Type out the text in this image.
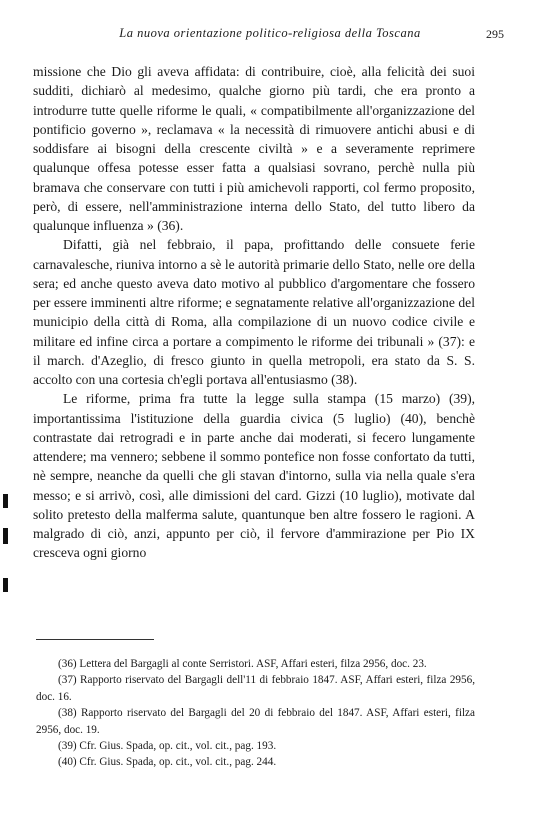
La nuova orientazione politico-religiosa della Toscana	295

missione che Dio gli aveva affidata: di contribuire, cioè, alla felicità dei suoi sudditi, dichiarò al medesimo, qualche giorno più tardi, che era pronto a introdurre tutte quelle riforme le quali, « compatibilmente all'organizzazione del pontificio governo », reclamava « la necessità di rimuovere antichi abusi e di soddisfare ai bisogni della crescente civiltà » e a severamente reprimere qualunque offesa potesse esser fatta a qualsiasi sovrano, perchè nulla più bramava che conservare con tutti i più amichevoli rapporti, col fermo proposito, però, di essere, nell'amministrazione interna dello Stato, del tutto libero da qualunque influenza » (36).

Difatti, già nel febbraio, il papa, profittando delle consuete ferie carnavalesche, riuniva intorno a sè le autorità primarie dello Stato, nelle ore della sera; ed anche questo aveva dato motivo al pubblico d'argomentare che fossero per essere imminenti altre riforme; e segnatamente relative all'organizzazione del municipio della città di Roma, alla compilazione di un nuovo codice civile e militare ed infine circa a portare a compimento le riforme dei tribunali » (37): e il march. d'Azeglio, di fresco giunto in quella metropoli, era stato da S. S. accolto con una cortesia ch'egli portava all'entusiasmo (38).

Le riforme, prima fra tutte la legge sulla stampa (15 marzo) (39), importantissima l'istituzione della guardia civica (5 luglio) (40), benchè contrastate dai retrogradi e in parte anche dai moderati, si fecero lungamente attendere; ma vennero; sebbene il sommo pontefice non fosse confortato da tutti, nè sempre, neanche da quelli che gli stavan d'intorno, sulla via nella quale s'era messo; e si arrivò, così, alle dimissioni del card. Gizzi (10 luglio), motivate dal solito pretesto della malferma salute, quantunque ben altre fossero le ragioni. A malgrado di ciò, anzi, appunto per ciò, il fervore d'ammirazione per Pio IX cresceva ogni giorno

(36) Lettera del Bargagli al conte Serristori. ASF, Affari esteri, filza 2956, doc. 23.

(37) Rapporto riservato del Bargagli dell'11 di febbraio 1847. ASF, Affari esteri, filza 2956, doc. 16.

(38) Rapporto riservato del Bargagli del 20 di febbraio del 1847. ASF, Affari esteri, filza 2956, doc. 19.

(39) Cfr. Gius. Spada, op. cit., vol. cit., pag. 193.

(40) Cfr. Gius. Spada, op. cit., vol. cit., pag. 244.
